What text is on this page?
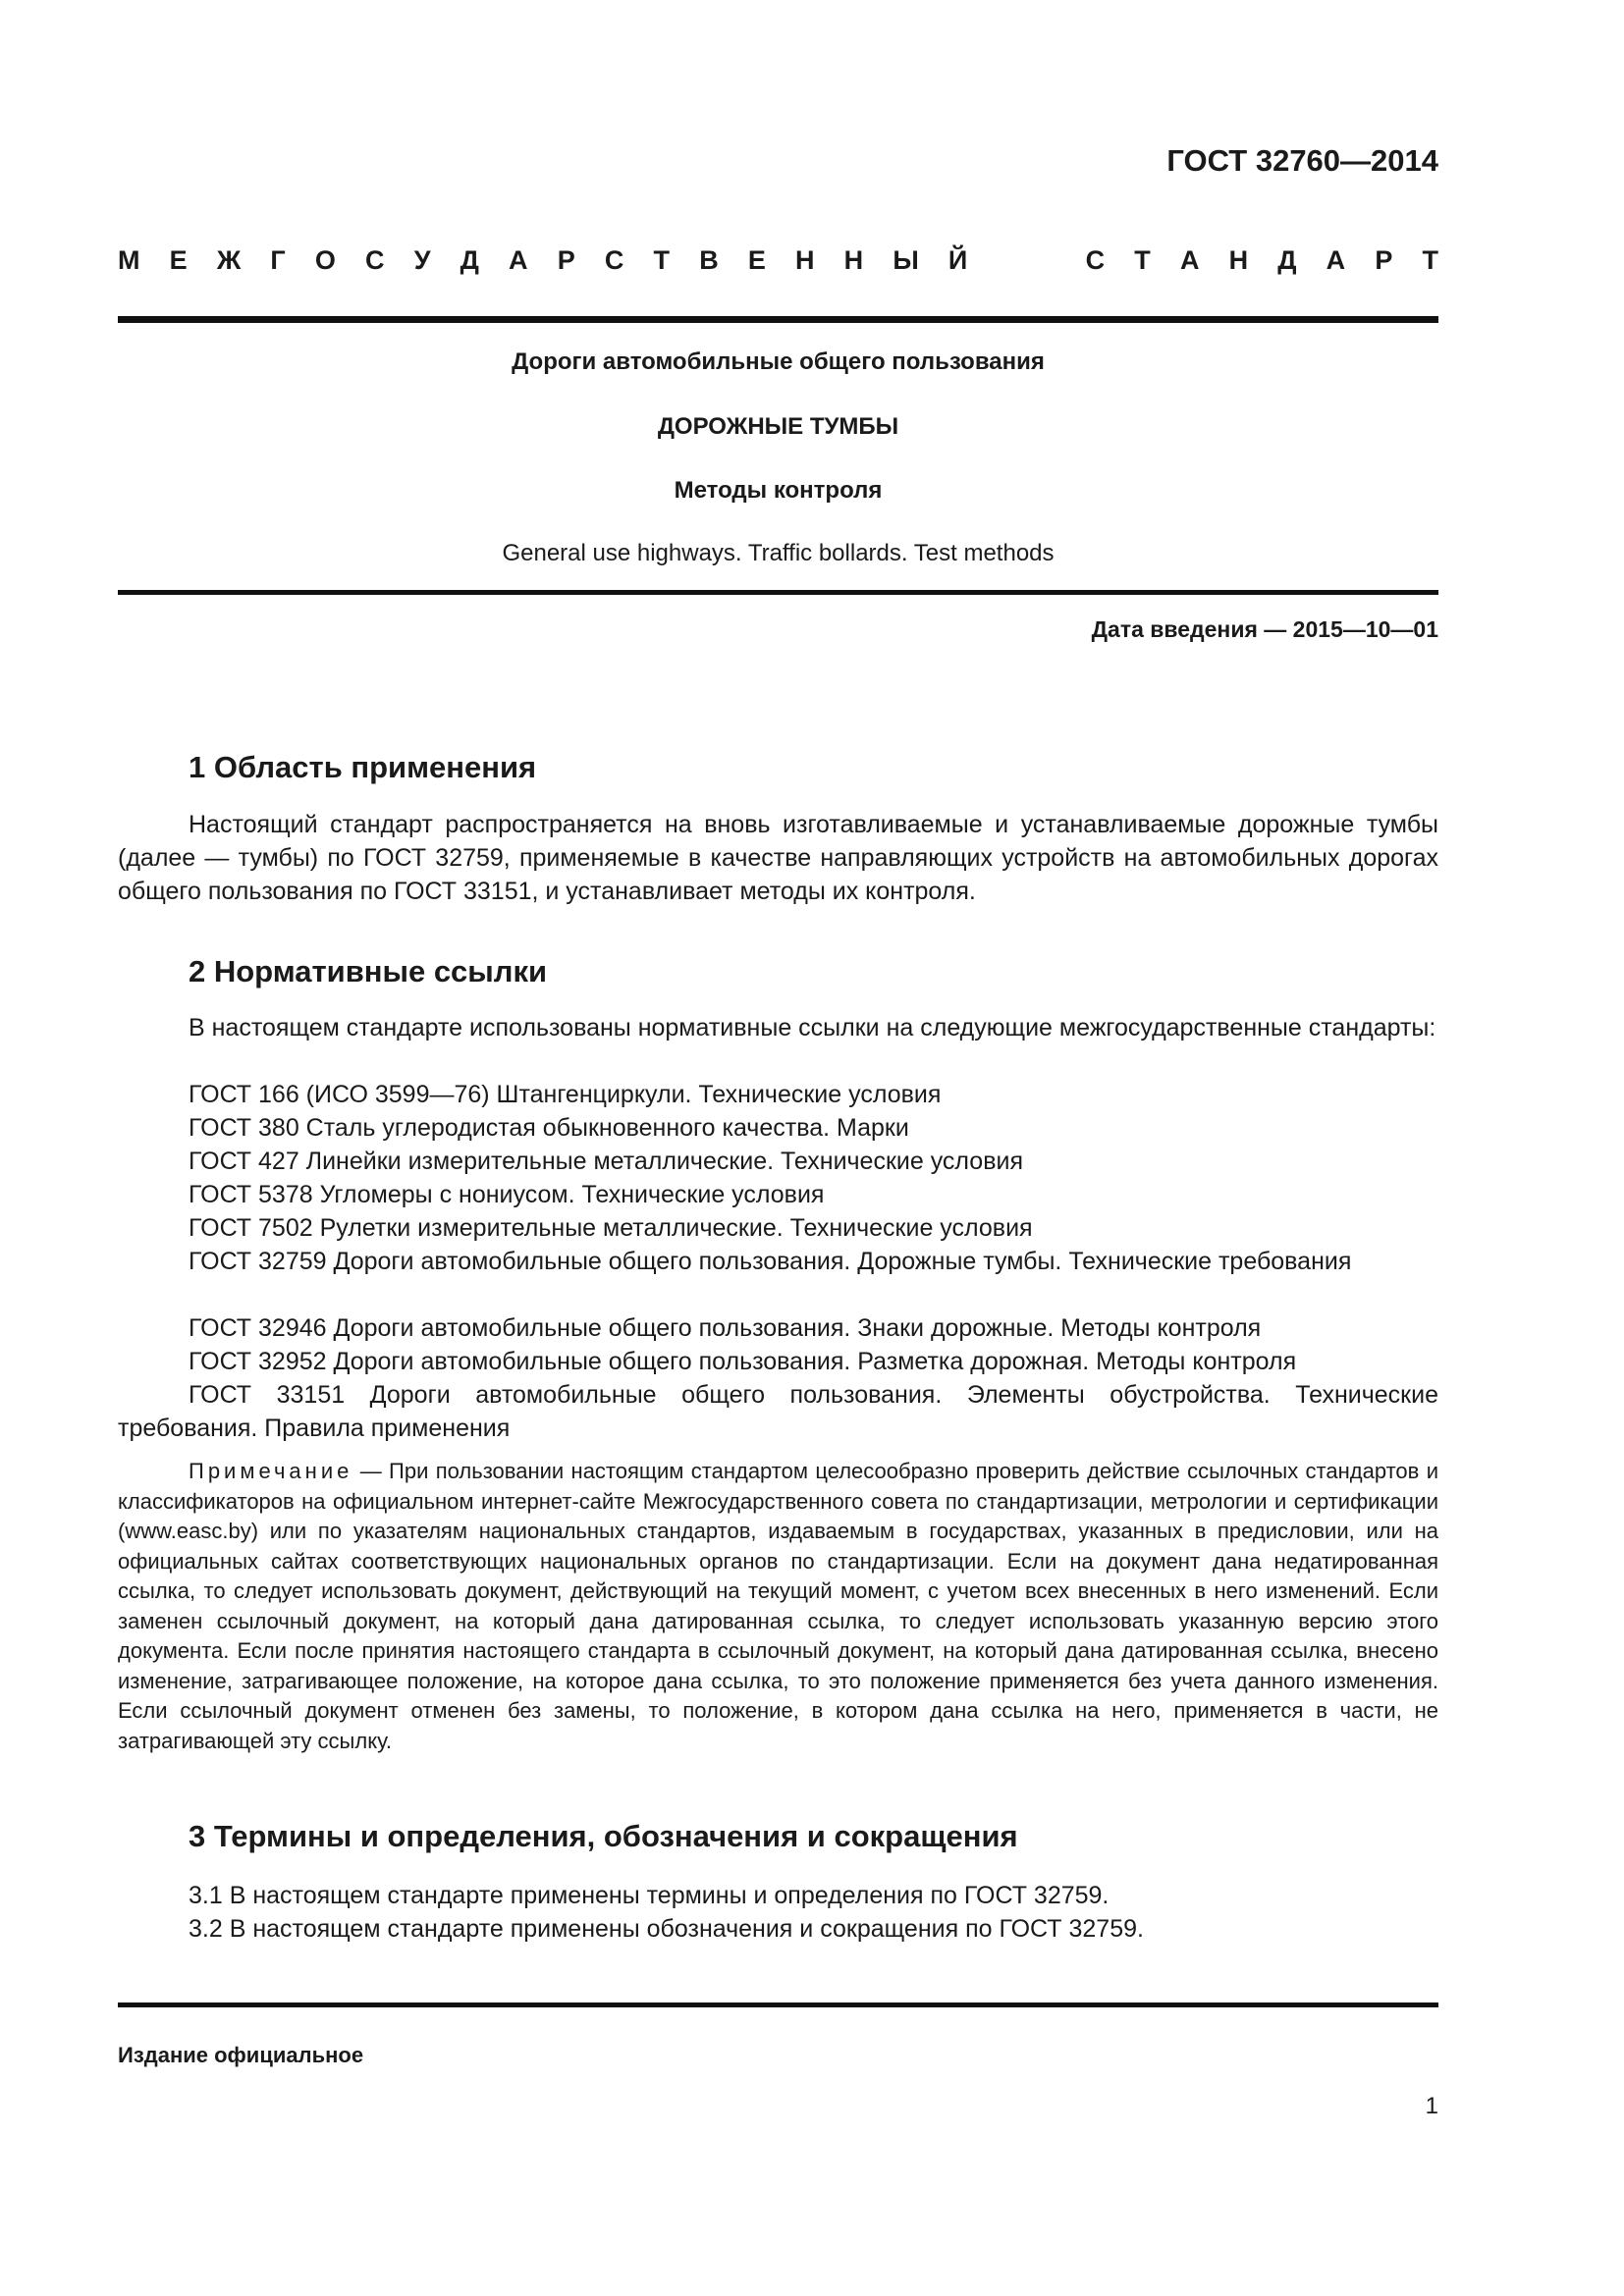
ГОСТ 32760—2014
М Е Ж Г О С У Д А Р С Т В Е Н Н Ы Й	С Т А Н Д А Р Т
Дороги автомобильные общего пользования
ДОРОЖНЫЕ ТУМБЫ
Методы контроля
General use highways. Traffic bollards. Test methods
Дата введения — 2015—10—01
1 Область применения
Настоящий стандарт распространяется на вновь изготавливаемые и устанавливаемые дорожные тумбы (далее — тумбы) по ГОСТ 32759, применяемые в качестве направляющих устройств на автомобильных дорогах общего пользования по ГОСТ 33151, и устанавливает методы их контроля.
2 Нормативные ссылки
В настоящем стандарте использованы нормативные ссылки на следующие межгосударственные стандарты:
ГОСТ 166 (ИСО 3599—76) Штангенциркули. Технические условия
ГОСТ 380 Сталь углеродистая обыкновенного качества. Марки
ГОСТ 427 Линейки измерительные металлические. Технические условия
ГОСТ 5378 Угломеры с нониусом. Технические условия
ГОСТ 7502 Рулетки измерительные металлические. Технические условия
ГОСТ 32759 Дороги автомобильные общего пользования. Дорожные тумбы. Технические требования
ГОСТ 32946 Дороги автомобильные общего пользования. Знаки дорожные. Методы контроля
ГОСТ 32952 Дороги автомобильные общего пользования. Разметка дорожная. Методы контроля
ГОСТ 33151 Дороги автомобильные общего пользования. Элементы обустройства. Технические требования. Правила применения
Примечание — При пользовании настоящим стандартом целесообразно проверить действие ссылочных стандартов и классификаторов на официальном интернет-сайте Межгосударственного совета по стандартизации, метрологии и сертификации (www.easc.by) или по указателям национальных стандартов, издаваемым в государствах, указанных в предисловии, или на официальных сайтах соответствующих национальных органов по стандартизации. Если на документ дана недатированная ссылка, то следует использовать документ, действующий на текущий момент, с учетом всех внесенных в него изменений. Если заменен ссылочный документ, на который дана датированная ссылка, то следует использовать указанную версию этого документа. Если после принятия настоящего стандарта в ссылочный документ, на который дана датированная ссылка, внесено изменение, затрагивающее положение, на которое дана ссылка, то это положение применяется без учета данного изменения. Если ссылочный документ отменен без замены, то положение, в котором дана ссылка на него, применяется в части, не затрагивающей эту ссылку.
3 Термины и определения, обозначения и сокращения
3.1 В настоящем стандарте применены термины и определения по ГОСТ 32759.
3.2 В настоящем стандарте применены обозначения и сокращения по ГОСТ 32759.
Издание официальное
1
